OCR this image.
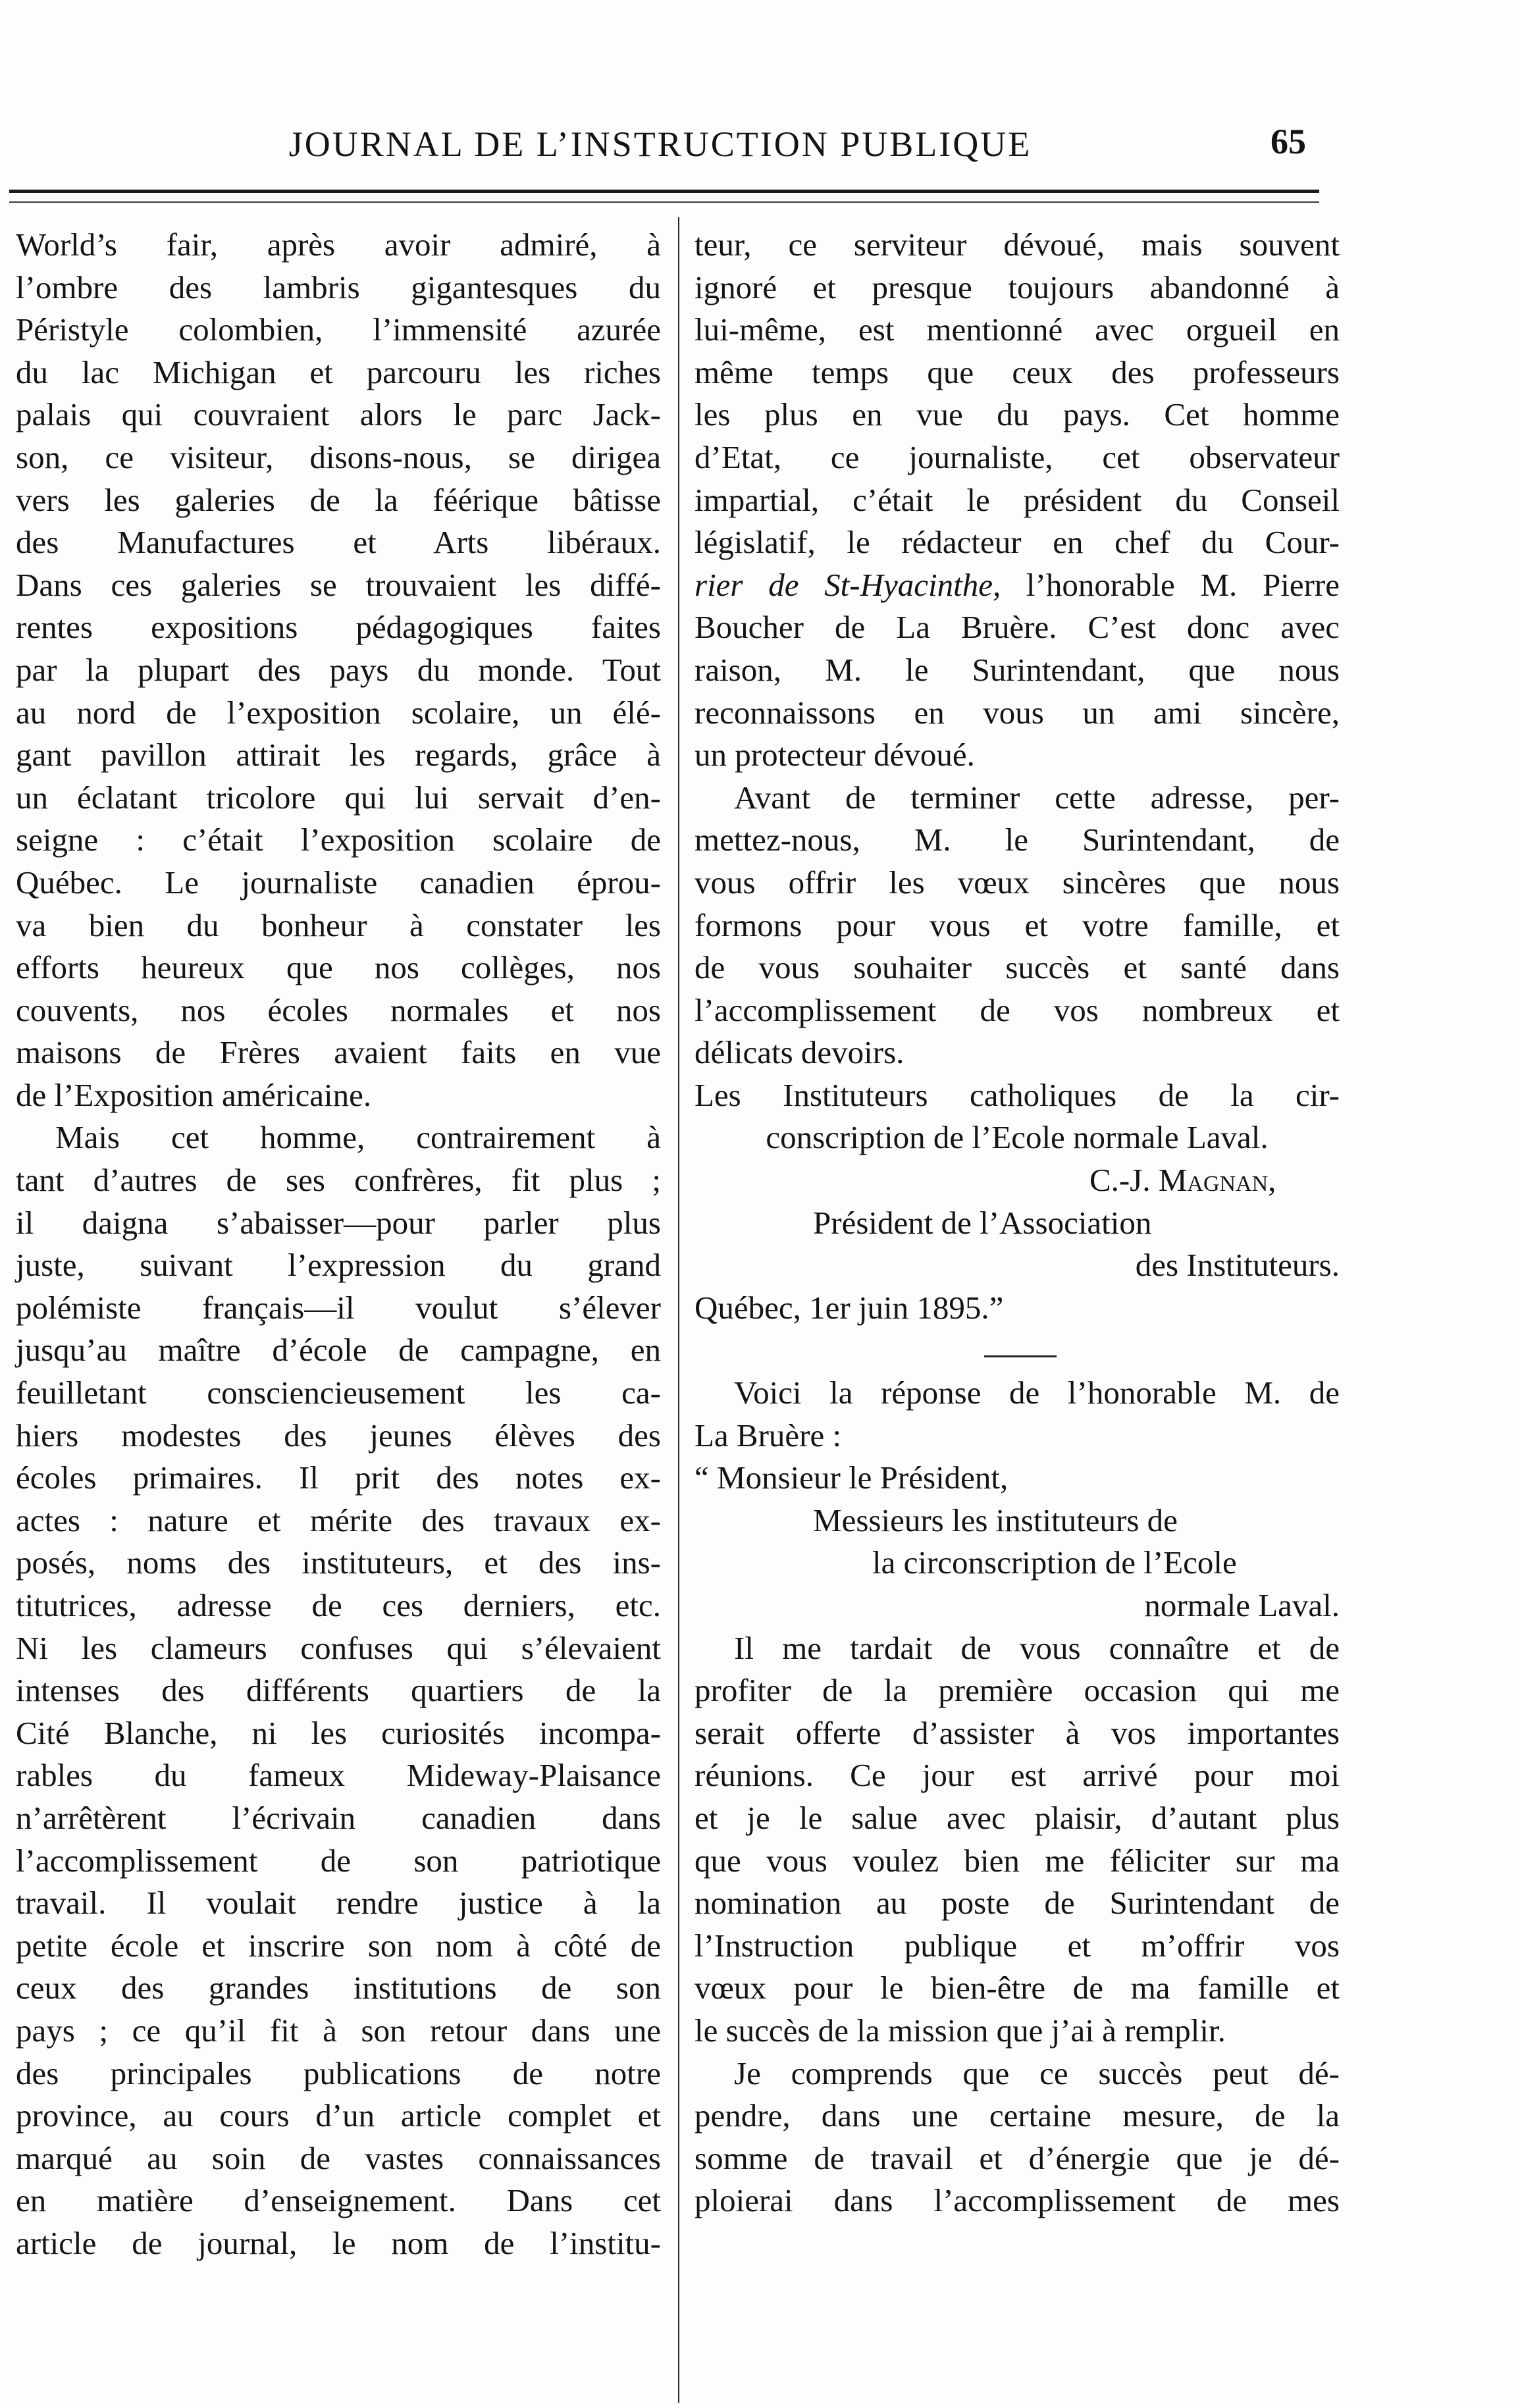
JOURNAL DE L’INSTRUCTION PUBLIQUE	65
World’s fair, après avoir admiré, à
l’ombre des lambris gigantesques du
Péristyle colombien, l’immensité azurée
du lac Michigan et parcouru les riches
palais qui couvraient alors le parc Jack-
son, ce visiteur, disons-nous, se dirigea
vers les galeries de la féérique bâtisse
des Manufactures et Arts libéraux.
Dans ces galeries se trouvaient les diffé-
rentes expositions pédagogiques faites
par la plupart des pays du monde. Tout
au nord de l’exposition scolaire, un élé-
gant pavillon attirait les regards, grâce à
un éclatant tricolore qui lui servait d’en-
seigne : c’était l’exposition scolaire de
Québec. Le journaliste canadien éprou-
va bien du bonheur à constater les
efforts heureux que nos collèges, nos
couvents, nos écoles normales et nos
maisons de Frères avaient faits en vue
de l’Exposition américaine.
Mais cet homme, contrairement à
tant d’autres de ses confrères, fit plus ;
il daigna s’abaisser—pour parler plus
juste, suivant l’expression du grand
polémiste français—il voulut s’élever
jusqu’au maître d’école de campagne, en
feuilletant consciencieusement les ca-
hiers modestes des jeunes élèves des
écoles primaires. Il prit des notes ex-
actes : nature et mérite des travaux ex-
posés, noms des instituteurs, et des ins-
titutrices, adresse de ces derniers, etc.
Ni les clameurs confuses qui s’élevaient
intenses des différents quartiers de la
Cité Blanche, ni les curiosités incompa-
rables du fameux Mideway-Plaisance
n’arrêtèrent l’écrivain canadien dans
l’accomplissement de son patriotique
travail. Il voulait rendre justice à la
petite école et inscrire son nom à côté de
ceux des grandes institutions de son
pays ; ce qu’il fit à son retour dans une
des principales publications de notre
province, au cours d’un article complet et
marqué au soin de vastes connaissances
en matière d’enseignement. Dans cet
article de journal, le nom de l’institu-
teur, ce serviteur dévoué, mais souvent
ignoré et presque toujours abandonné à
lui-même, est mentionné avec orgueil en
même temps que ceux des professeurs
les plus en vue du pays. Cet homme
d’Etat, ce journaliste, cet observateur
impartial, c’était le président du Conseil
législatif, le rédacteur en chef du Cour-
rier de St-Hyacinthe, l’honorable M. Pierre
Boucher de La Bruère. C’est donc avec
raison, M. le Surintendant, que nous
reconnaissons en vous un ami sincère,
un protecteur dévoué.
Avant de terminer cette adresse, per-
mettez-nous, M. le Surintendant, de
vous offrir les vœux sincères que nous
formons pour vous et votre famille, et
de vous souhaiter succès et santé dans
l’accomplissement de vos nombreux et
délicats devoirs.
Les Instituteurs catholiques de la cir-
conscription de l’Ecole normale Laval.
C.-J. Magnan,
Président de l’Association
des Instituteurs.
Québec, 1er juin 1895.”
Voici la réponse de l’honorable M. de
La Bruère :
“ Monsieur le Président,
Messieurs les instituteurs de
la circonscription de l’Ecole
normale Laval.
Il me tardait de vous connaître et de
profiter de la première occasion qui me
serait offerte d’assister à vos importantes
réunions. Ce jour est arrivé pour moi
et je le salue avec plaisir, d’autant plus
que vous voulez bien me féliciter sur ma
nomination au poste de Surintendant de
l’Instruction publique et m’offrir vos
vœux pour le bien-être de ma famille et
le succès de la mission que j’ai à remplir.
Je comprends que ce succès peut dé-
pendre, dans une certaine mesure, de la
somme de travail et d’énergie que je dé-
ploierai dans l’accomplissement de mes
